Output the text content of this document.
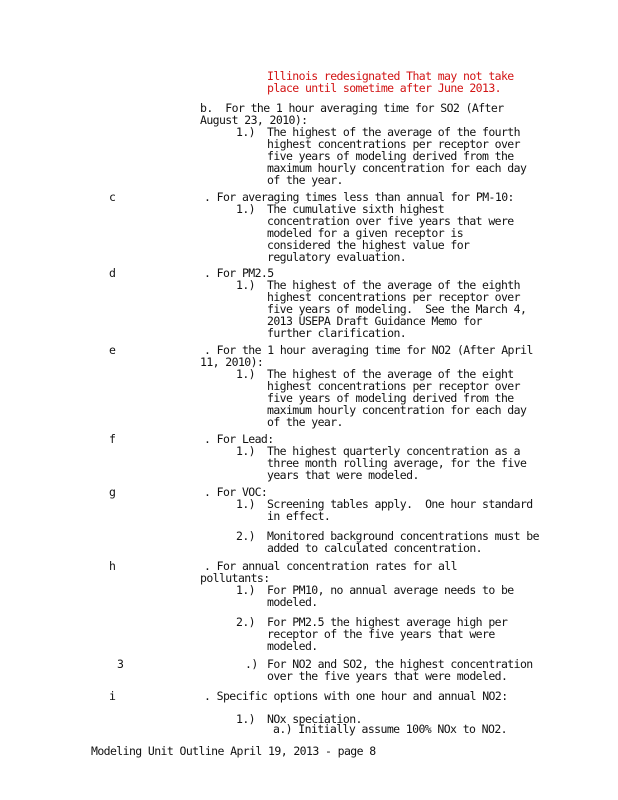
Illinois redesignated That may not take

place until sometime after June 2013.

b.  For the 1 hour averaging time for SO2 (After

August 23, 2010):

1.) The highest of the average of the fourth

highest concentrations per receptor over

five years of modeling derived from the

maximum hourly concentration for each day

of the year.

c	. For averaging times less than annual for PM-10:

1.) The cumulative sixth highest

concentration over five years that were

modeled for a given receptor is

considered the highest value for

regulatory evaluation.

d	. For PM2.5

1.) The highest of the average of the eighth

highest concentrations per receptor over

five years of modeling.  See the March 4,

2013 USEPA Draft Guidance Memo for

further clarification.

e	. For the 1 hour averaging time for NO2 (After April

11, 2010):

1.) The highest of the average of the eight

highest concentrations per receptor over

five years of modeling derived from the

maximum hourly concentration for each day

of the year.

f	. For Lead:

1.) The highest quarterly concentration as a

three month rolling average, for the five

years that were modeled.

g	. For VOC:

1.) Screening tables apply.  One hour standard

in effect.

2.) Monitored background concentrations must be

added to calculated concentration.

h	. For annual concentration rates for all

pollutants:

1.) For PM10, no annual average needs to be

modeled.

2.) For PM2.5 the highest average high per

receptor of the five years that were

modeled.

3	.) For NO2 and SO2, the highest concentration

over the five years that were modeled.

i	. Specific options with one hour and annual NO2:

1.) NOx speciation.

a.) Initially assume 100% NOx to NO2.

Modeling Unit Outline April 19, 2013 - page 8
